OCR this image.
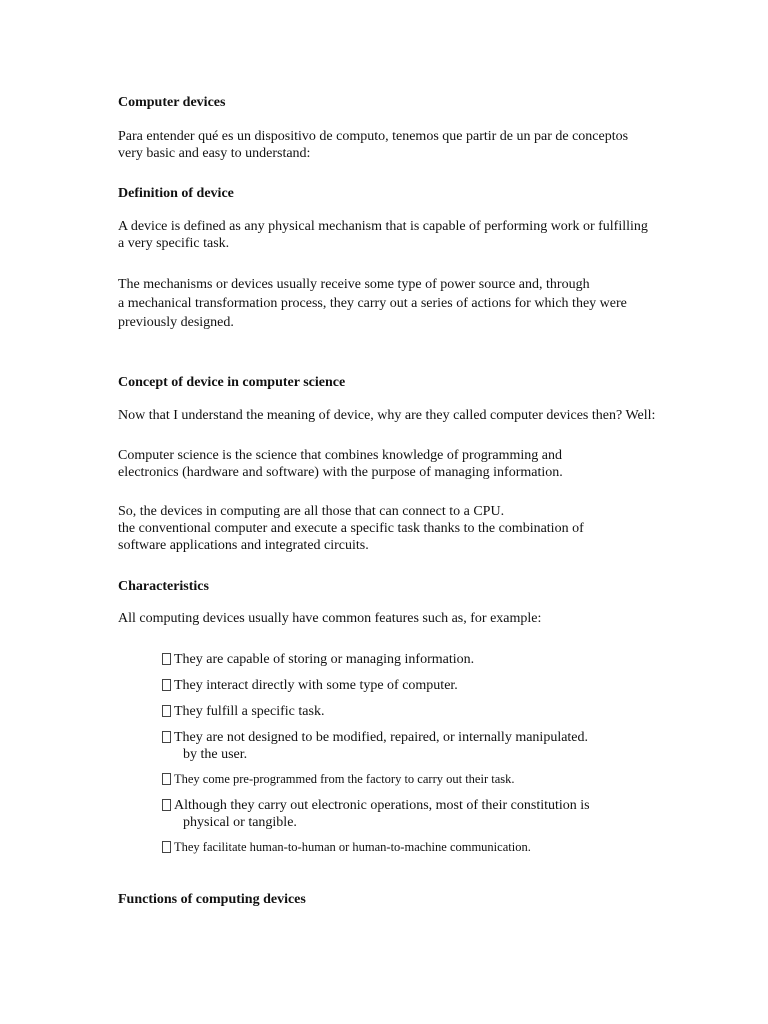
Computer devices
Para entender qué es un dispositivo de computo, tenemos que partir de un par de conceptos
very basic and easy to understand:
Definition of device
A device is defined as any physical mechanism that is capable of performing work or fulfilling
a very specific task.
The mechanisms or devices usually receive some type of power source and, through
a mechanical transformation process, they carry out a series of actions for which they were
previously designed.
Concept of device in computer science
Now that I understand the meaning of device, why are they called computer devices then? Well:
Computer science is the science that combines knowledge of programming and
electronics (hardware and software) with the purpose of managing information.
So, the devices in computing are all those that can connect to a CPU.
the conventional computer and execute a specific task thanks to the combination of
software applications and integrated circuits.
Characteristics
All computing devices usually have common features such as, for example:
They are capable of storing or managing information.
They interact directly with some type of computer.
They fulfill a specific task.
They are not designed to be modified, repaired, or internally manipulated.
by the user.
They come pre-programmed from the factory to carry out their task.
Although they carry out electronic operations, most of their constitution is
physical or tangible.
They facilitate human-to-human or human-to-machine communication.
Functions of computing devices
